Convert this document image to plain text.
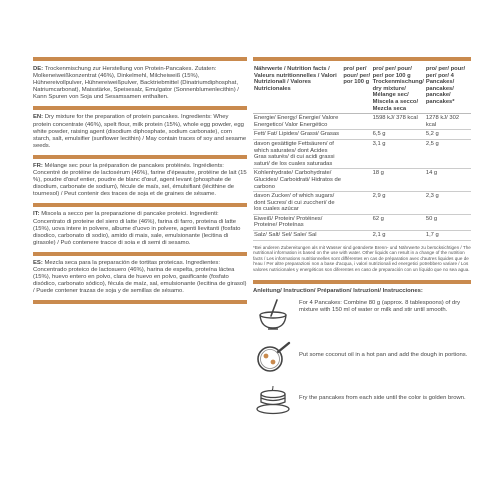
DE: Trockenmischung zur Herstellung von Protein-Pancakes. Zutaten: Molkeneiweißkonzentrat (46%), Dinkelmehl, Milcheiweiß (15%), Hühnereivollpulver, Hühnereiweißpulver, Backtriebmittel (Dinatriumdiphosphat, Natriumcarbonat), Maisstärke, Speisesalz, Emulgator (Sonnenblumenlecithin) / Kann Spuren von Soja und Sesamsamen enthalten.
EN: Dry mixture for the preparation of protein pancakes. Ingredients: Whey protein concentrate (46%), spelt flour, milk protein (15%), whole egg powder, egg white powder, raising agent (disodium diphosphate, sodium carbonate), corn starch, salt, emulsifier (sunflower lecithin) / May contain traces of soy and sesame seeds.
FR: Mélange sec pour la préparation de pancakes protéinés. Ingrédients: Concentré de protéine de lactosérum (46%), farine d'épeautre, protéine de lait (15 %), poudre d'œuf entier, poudre de blanc d'œuf, agent levant (phosphate de disodium, carbonate de sodium), fécule de maïs, sel, émulsifiant (lécithine de tournesol) / Peut contenir des traces de soja et de graines de sésame.
IT: Miscela a secco per la preparazione di pancake proteici. Ingredienti: Concentrato di proteine del siero di latte (46%), farina di farro, proteina di latte (15%), uova intere in polvere, albume d'uovo in polvere, agenti lievitanti (fosfato disodico, carbonato di sodio), amido di mais, sale, emulsionante (lecitina di girasole) / Può contenere tracce di soia e di semi di sesamo.
ES: Mezcla seca para la preparación de tortitas proteicas. Ingredientes: Concentrado proteico de lactosuero (46%), harina de espelta, proteína láctea (15%), huevo entero en polvo, clara de huevo en polvo, gasificante (fosfato disódico, carbonato sódico), fécula de maíz, sal, emulsionante (lecitina de girasol) / Puede contener trazas de soja y de semillas de sésamo.
Nährwerte / Nutrition facts / Valeurs nutritionnelles / Valori Nutrizionali / Valores Nutricionales	pro/ per/ pour/ per/ por 100 g	pro/ per/ pour/ per/ por 100 g Trockenmischung/ dry mixture/ Mélange sec/ Miscela a secco/ Mezcla seca	pro/ per/ pour/ per/ por/ 4 Pancakes/ pancakes/ pancake/ pancakes*
Energie/ Energy/ Énergie/ Valore Energetico/ Valor Energético		1598 kJ/ 378 kcal	1278 kJ/ 302 kcal
Fett/ Fat/ Lipides/ Grassi/ Grasas		6,5 g	5,2 g
davon gesättigte Fettsäuren/ of which saturates/ dont Acides Gras saturés/ di cui acidi grassi saturi/ de los cuales saturadas		3,1 g	2,5 g
Kohlenhydrate/ Carbohydrate/ Glucides/ Carboidrati/ Hidratos de carbono		18 g	14 g
davon Zucker/ of which sugars/ dont Sucres/ di cui zuccheri/ de los cuales azúcar		2,9 g	2,3 g
Eiweiß/ Protein/ Protéines/ Proteine/ Proteínas		62 g	50 g
Salz/ Salt/ Sel/ Sale/ Sal		2,1 g	1,7 g
*Bei anderen Zubereitungen als mit Wasser sind geänderte Brenn- und Nährwerte zu berücksichtigen / The nutritional information is based on the use with water. Other liquids can result in a change of the nutrition facts / Les informations nutritionnelles sont différentes en cas de préparation avec d'autres liquides que de l'eau / Per altre preparazioni non a base d'acqua, i valori nutrizionali ed energetici potrebbero variare / Los valores nutricionales y energéticos son diferentes en caso de preparación con un líquido que no sea agua.
Anleitung/ Instruction/ Préparation/ Istruzioni/ Instrucciones:
For 4 Pancakes: Combine 80 g (approx. 8 tablespoons) of dry mixture with 150 ml of water or milk and stir until smooth.
Put some coconut oil in a hot pan and add the dough in portions.
Fry the pancakes from each side until the color is golden brown.
